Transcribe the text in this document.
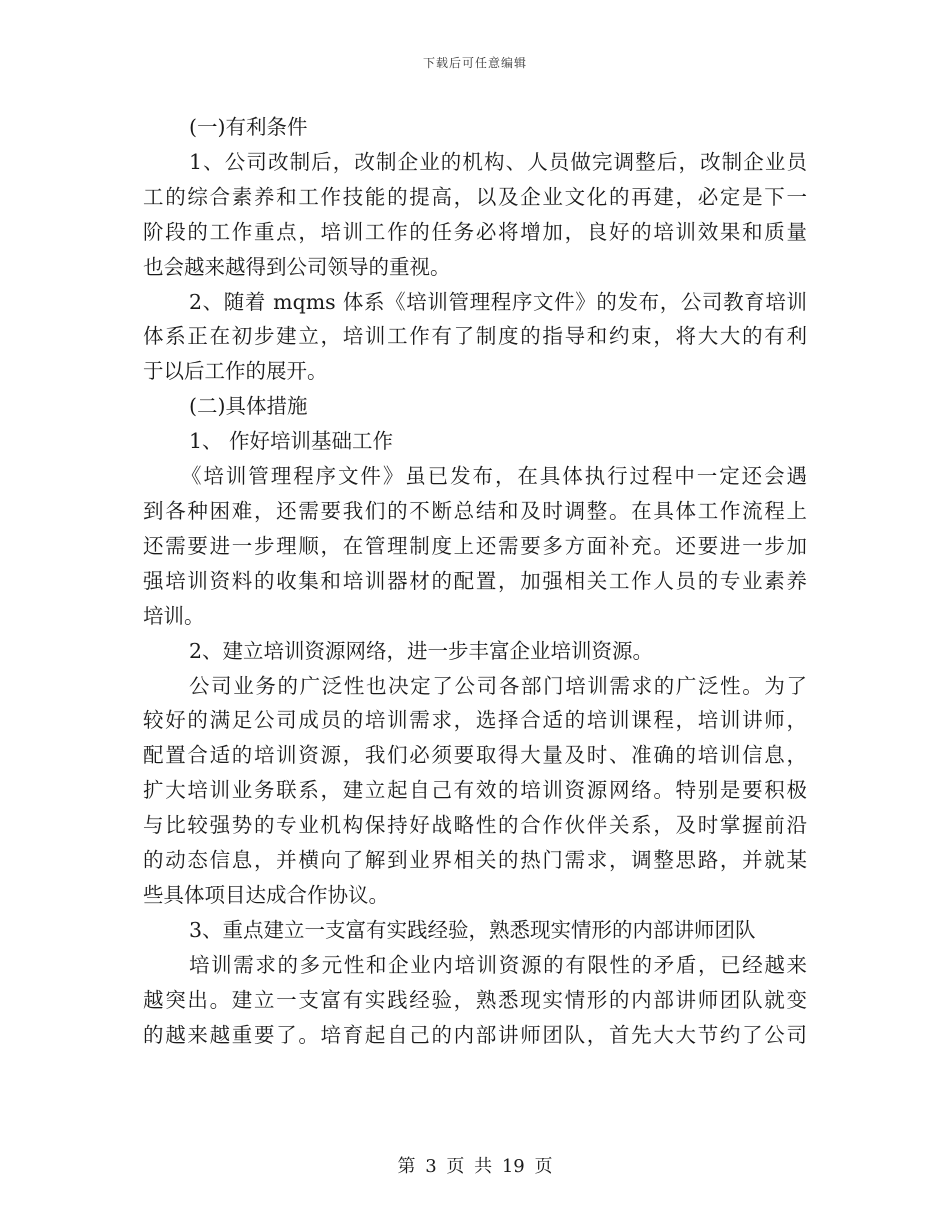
下载后可任意编辑
(一)有利条件
1、公司改制后，改制企业的机构、人员做完调整后，改制企业员
工的综合素养和工作技能的提高，以及企业文化的再建，必定是下一
阶段的工作重点，培训工作的任务必将增加，良好的培训效果和质量
也会越来越得到公司领导的重视。
2、随着 mqms 体系《培训管理程序文件》的发布，公司教育培训
体系正在初步建立，培训工作有了制度的指导和约束，将大大的有利
于以后工作的展开。
(二)具体措施
1、 作好培训基础工作
《培训管理程序文件》虽已发布，在具体执行过程中一定还会遇
到各种困难，还需要我们的不断总结和及时调整。在具体工作流程上
还需要进一步理顺，在管理制度上还需要多方面补充。还要进一步加
强培训资料的收集和培训器材的配置，加强相关工作人员的专业素养
培训。
2、建立培训资源网络，进一步丰富企业培训资源。
公司业务的广泛性也决定了公司各部门培训需求的广泛性。为了
较好的满足公司成员的培训需求，选择合适的培训课程，培训讲师，
配置合适的培训资源，我们必须要取得大量及时、准确的培训信息，
扩大培训业务联系，建立起自己有效的培训资源网络。特别是要积极
与比较强势的专业机构保持好战略性的合作伙伴关系，及时掌握前沿
的动态信息，并横向了解到业界相关的热门需求，调整思路，并就某
些具体项目达成合作协议。
3、重点建立一支富有实践经验，熟悉现实情形的内部讲师团队
培训需求的多元性和企业内培训资源的有限性的矛盾，已经越来
越突出。建立一支富有实践经验，熟悉现实情形的内部讲师团队就变
的越来越重要了。培育起自己的内部讲师团队，首先大大节约了公司
第 3 页 共 19 页
